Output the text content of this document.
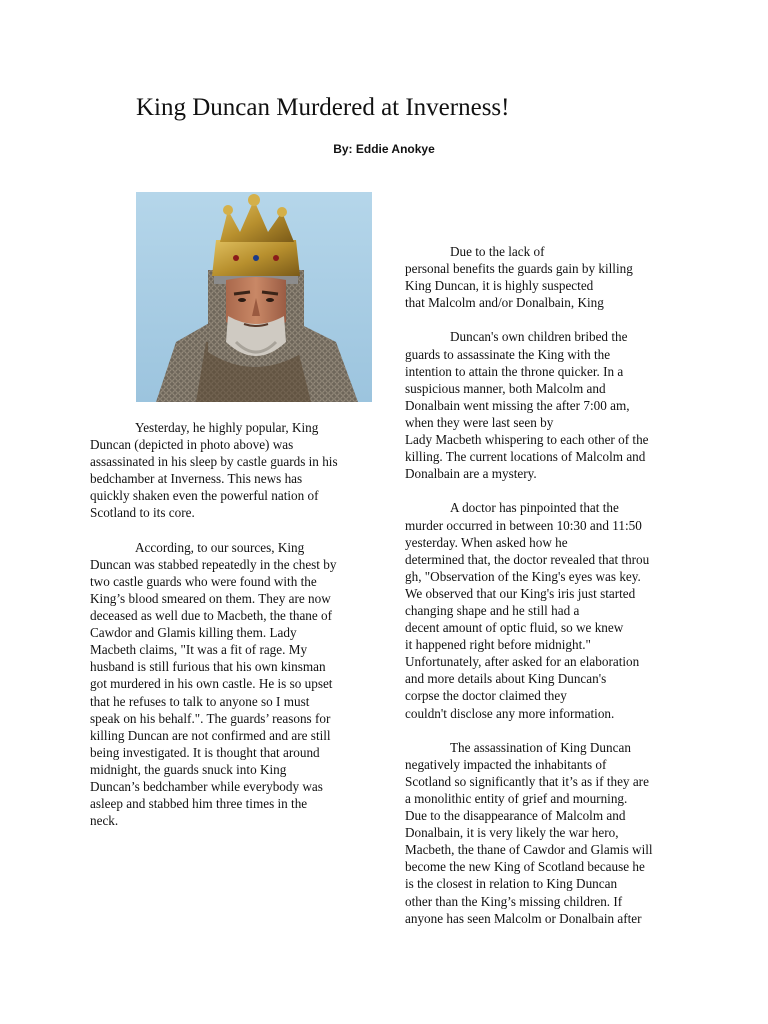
King Duncan Murdered at Inverness!
By: Eddie Anokye

Yesterday, he highly popular, King
Duncan (depicted in photo above) was
assassinated in his sleep by castle guards in his
bedchamber at Inverness. This news has
quickly shaken even the powerful nation of
Scotland to its core.

According, to our sources, King
Duncan was stabbed repeatedly in the chest by
two castle guards who were found with the
King’s blood smeared on them. They are now
deceased as well due to Macbeth, the thane of
Cawdor and Glamis killing them. Lady
Macbeth claims, "It was a fit of rage. My
husband is still furious that his own kinsman
got murdered in his own castle. He is so upset
that he refuses to talk to anyone so I must
speak on his behalf.". The guards’ reasons for
killing Duncan are not confirmed and are still
being investigated. It is thought that around
midnight, the guards snuck into King
Duncan’s bedchamber while everybody was
asleep and stabbed him three times in the
neck.

Due to the lack of
personal benefits the guards gain by killing
King Duncan, it is highly suspected
that Malcolm and/or Donalbain, King

Duncan's own children bribed the
guards to assassinate the King with the
intention to attain the throne quicker. In a
suspicious manner, both Malcolm and
Donalbain went missing the after 7:00 am,
when they were last seen by
Lady Macbeth whispering to each other of the
killing. The current locations of Malcolm and
Donalbain are a mystery.

A doctor has pinpointed that the
murder occurred in between 10:30 and 11:50
yesterday. When asked how he
determined that, the doctor revealed that throu
gh, "Observation of the King's eyes was key.
We observed that our King's iris just started
changing shape and he still had a
decent amount of optic fluid, so we knew
it happened right before midnight."
Unfortunately, after asked for an elaboration
and more details about King Duncan's
corpse the doctor claimed they
couldn't disclose any more information.

The assassination of King Duncan
negatively impacted the inhabitants of
Scotland so significantly that it’s as if they are
a monolithic entity of grief and mourning.
Due to the disappearance of Malcolm and
Donalbain, it is very likely the war hero,
Macbeth, the thane of Cawdor and Glamis will
become the new King of Scotland because he
is the closest in relation to King Duncan
other than the King’s missing children. If
anyone has seen Malcolm or Donalbain after
